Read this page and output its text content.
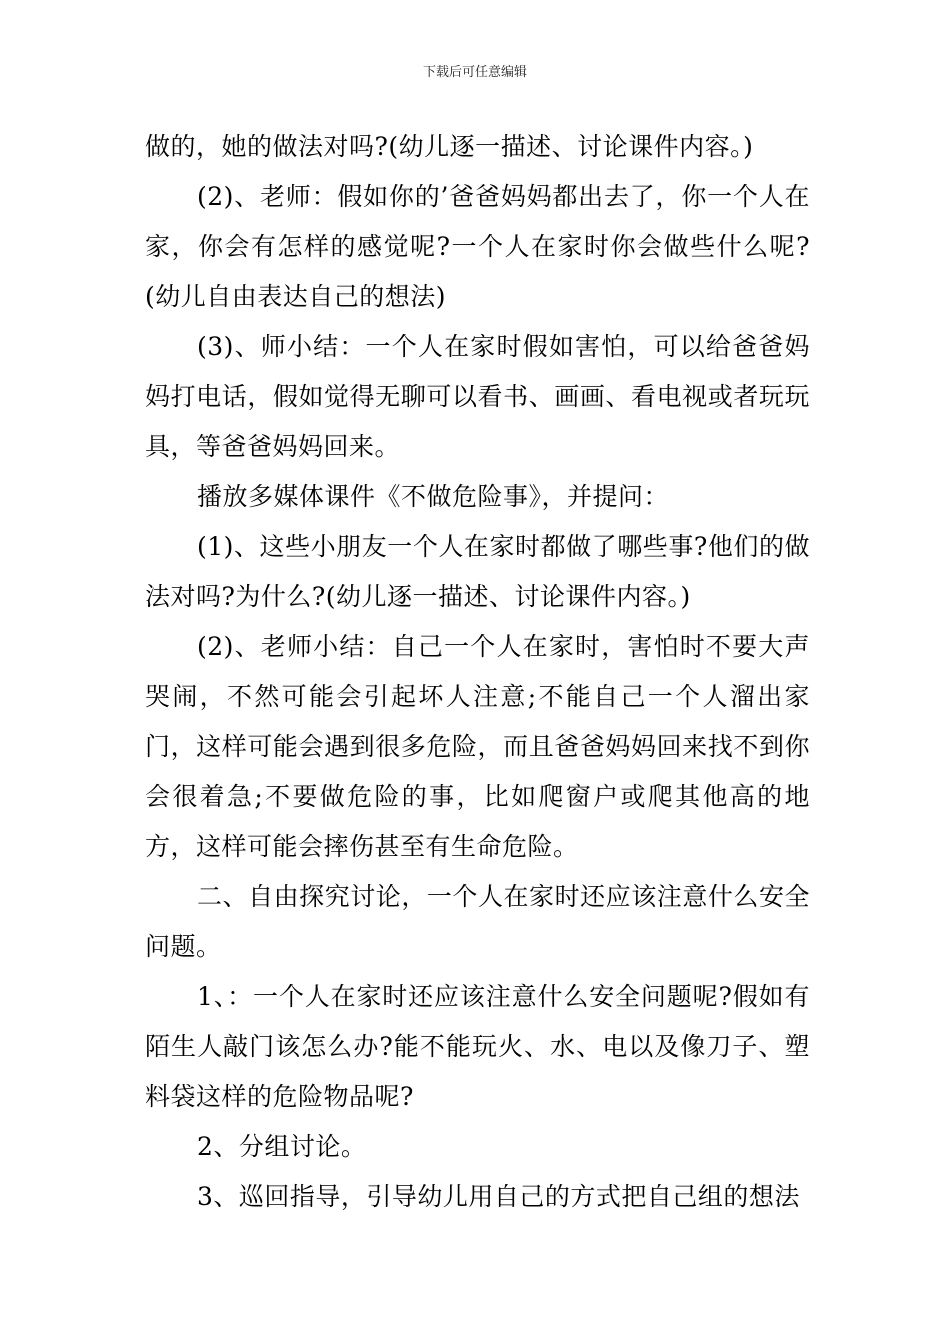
下载后可任意编辑

做的，她的做法对吗?(幼儿逐一描述、讨论课件内容。)

(2)、老师：假如你的’爸爸妈妈都出去了，你一个人在家，你会有怎样的感觉呢?一个人在家时你会做些什么呢?(幼儿自由表达自己的想法)

(3)、师小结：一个人在家时假如害怕，可以给爸爸妈妈打电话，假如觉得无聊可以看书、画画、看电视或者玩玩具，等爸爸妈妈回来。

播放多媒体课件《不做危险事》，并提问：

(1)、这些小朋友一个人在家时都做了哪些事?他们的做法对吗?为什么?(幼儿逐一描述、讨论课件内容。)

(2)、老师小结：自己一个人在家时，害怕时不要大声哭闹，不然可能会引起坏人注意;不能自己一个人溜出家门，这样可能会遇到很多危险，而且爸爸妈妈回来找不到你会很着急;不要做危险的事，比如爬窗户或爬其他高的地方，这样可能会摔伤甚至有生命危险。

二、自由探究讨论，一个人在家时还应该注意什么安全问题。

1、：一个人在家时还应该注意什么安全问题呢?假如有陌生人敲门该怎么办?能不能玩火、水、电以及像刀子、塑料袋这样的危险物品呢?

2、分组讨论。

3、巡回指导，引导幼儿用自己的方式把自己组的想法
